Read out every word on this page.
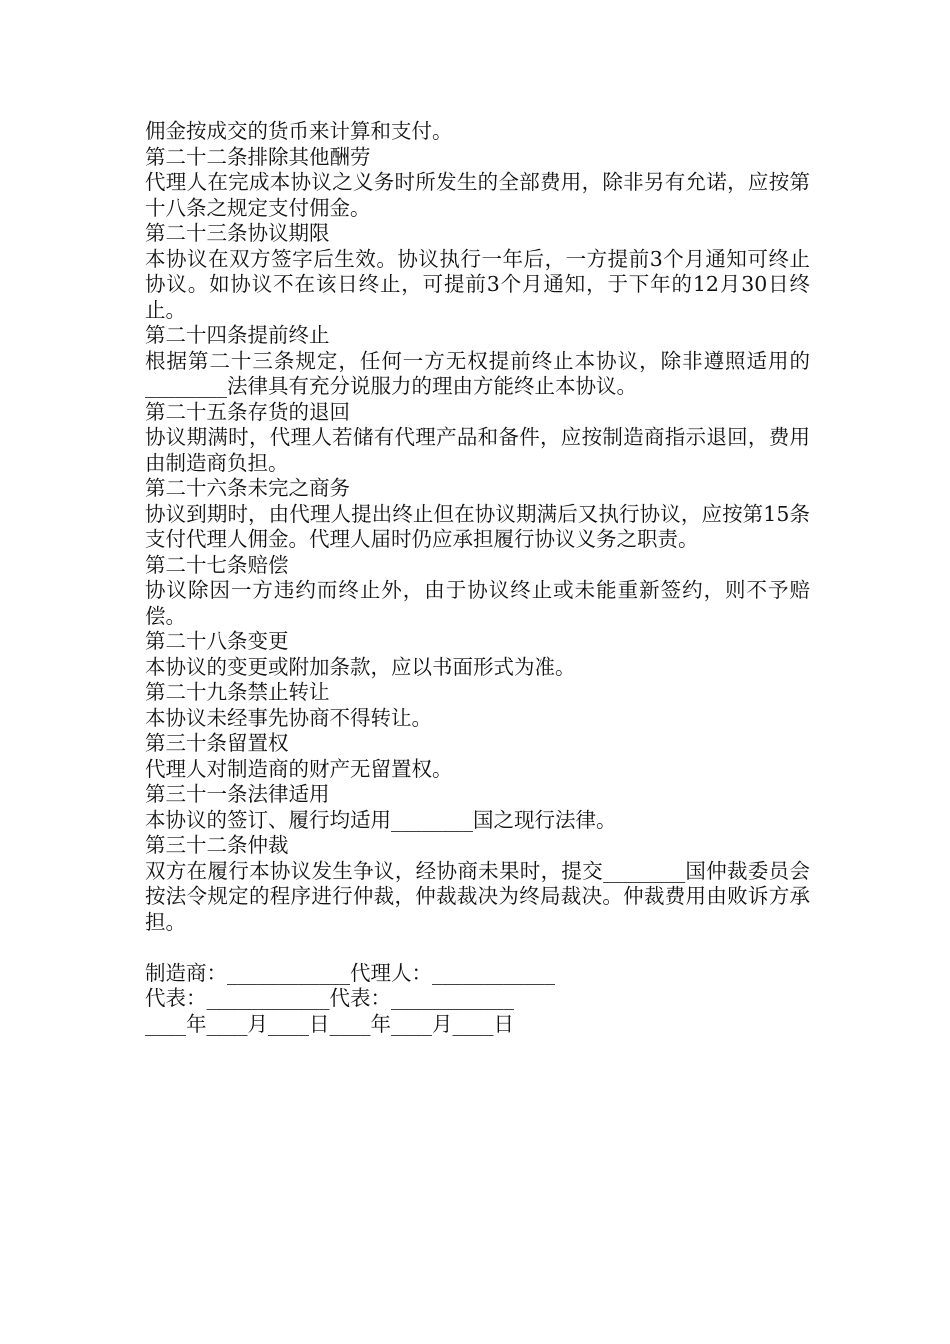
佣金按成交的货币来计算和支付。

第二十二条排除其他酬劳

代理人在完成本协议之义务时所发生的全部费用，除非另有允诺，应按第十八条之规定支付佣金。

第二十三条协议期限

本协议在双方签字后生效。协议执行一年后，一方提前3个月通知可终止协议。如协议不在该日终止，可提前3个月通知，于下年的12月30日终止。

第二十四条提前终止

根据第二十三条规定，任何一方无权提前终止本协议，除非遵照适用的________法律具有充分说服力的理由方能终止本协议。

第二十五条存货的退回

协议期满时，代理人若储有代理产品和备件，应按制造商指示退回，费用由制造商负担。

第二十六条未完之商务

协议到期时，由代理人提出终止但在协议期满后又执行协议，应按第15条支付代理人佣金。代理人届时仍应承担履行协议义务之职责。

第二十七条赔偿

协议除因一方违约而终止外，由于协议终止或未能重新签约，则不予赔偿。

第二十八条变更

本协议的变更或附加条款，应以书面形式为准。

第二十九条禁止转让

本协议未经事先协商不得转让。

第三十条留置权

代理人对制造商的财产无留置权。

第三十一条法律适用

本协议的签订、履行均适用________国之现行法律。

第三十二条仲裁

双方在履行本协议发生争议，经协商未果时，提交________国仲裁委员会按法令规定的程序进行仲裁，仲裁裁决为终局裁决。仲裁费用由败诉方承担。

制造商：____________代理人：____________

代表：____________代表：____________

____年____月____日____年____月____日
